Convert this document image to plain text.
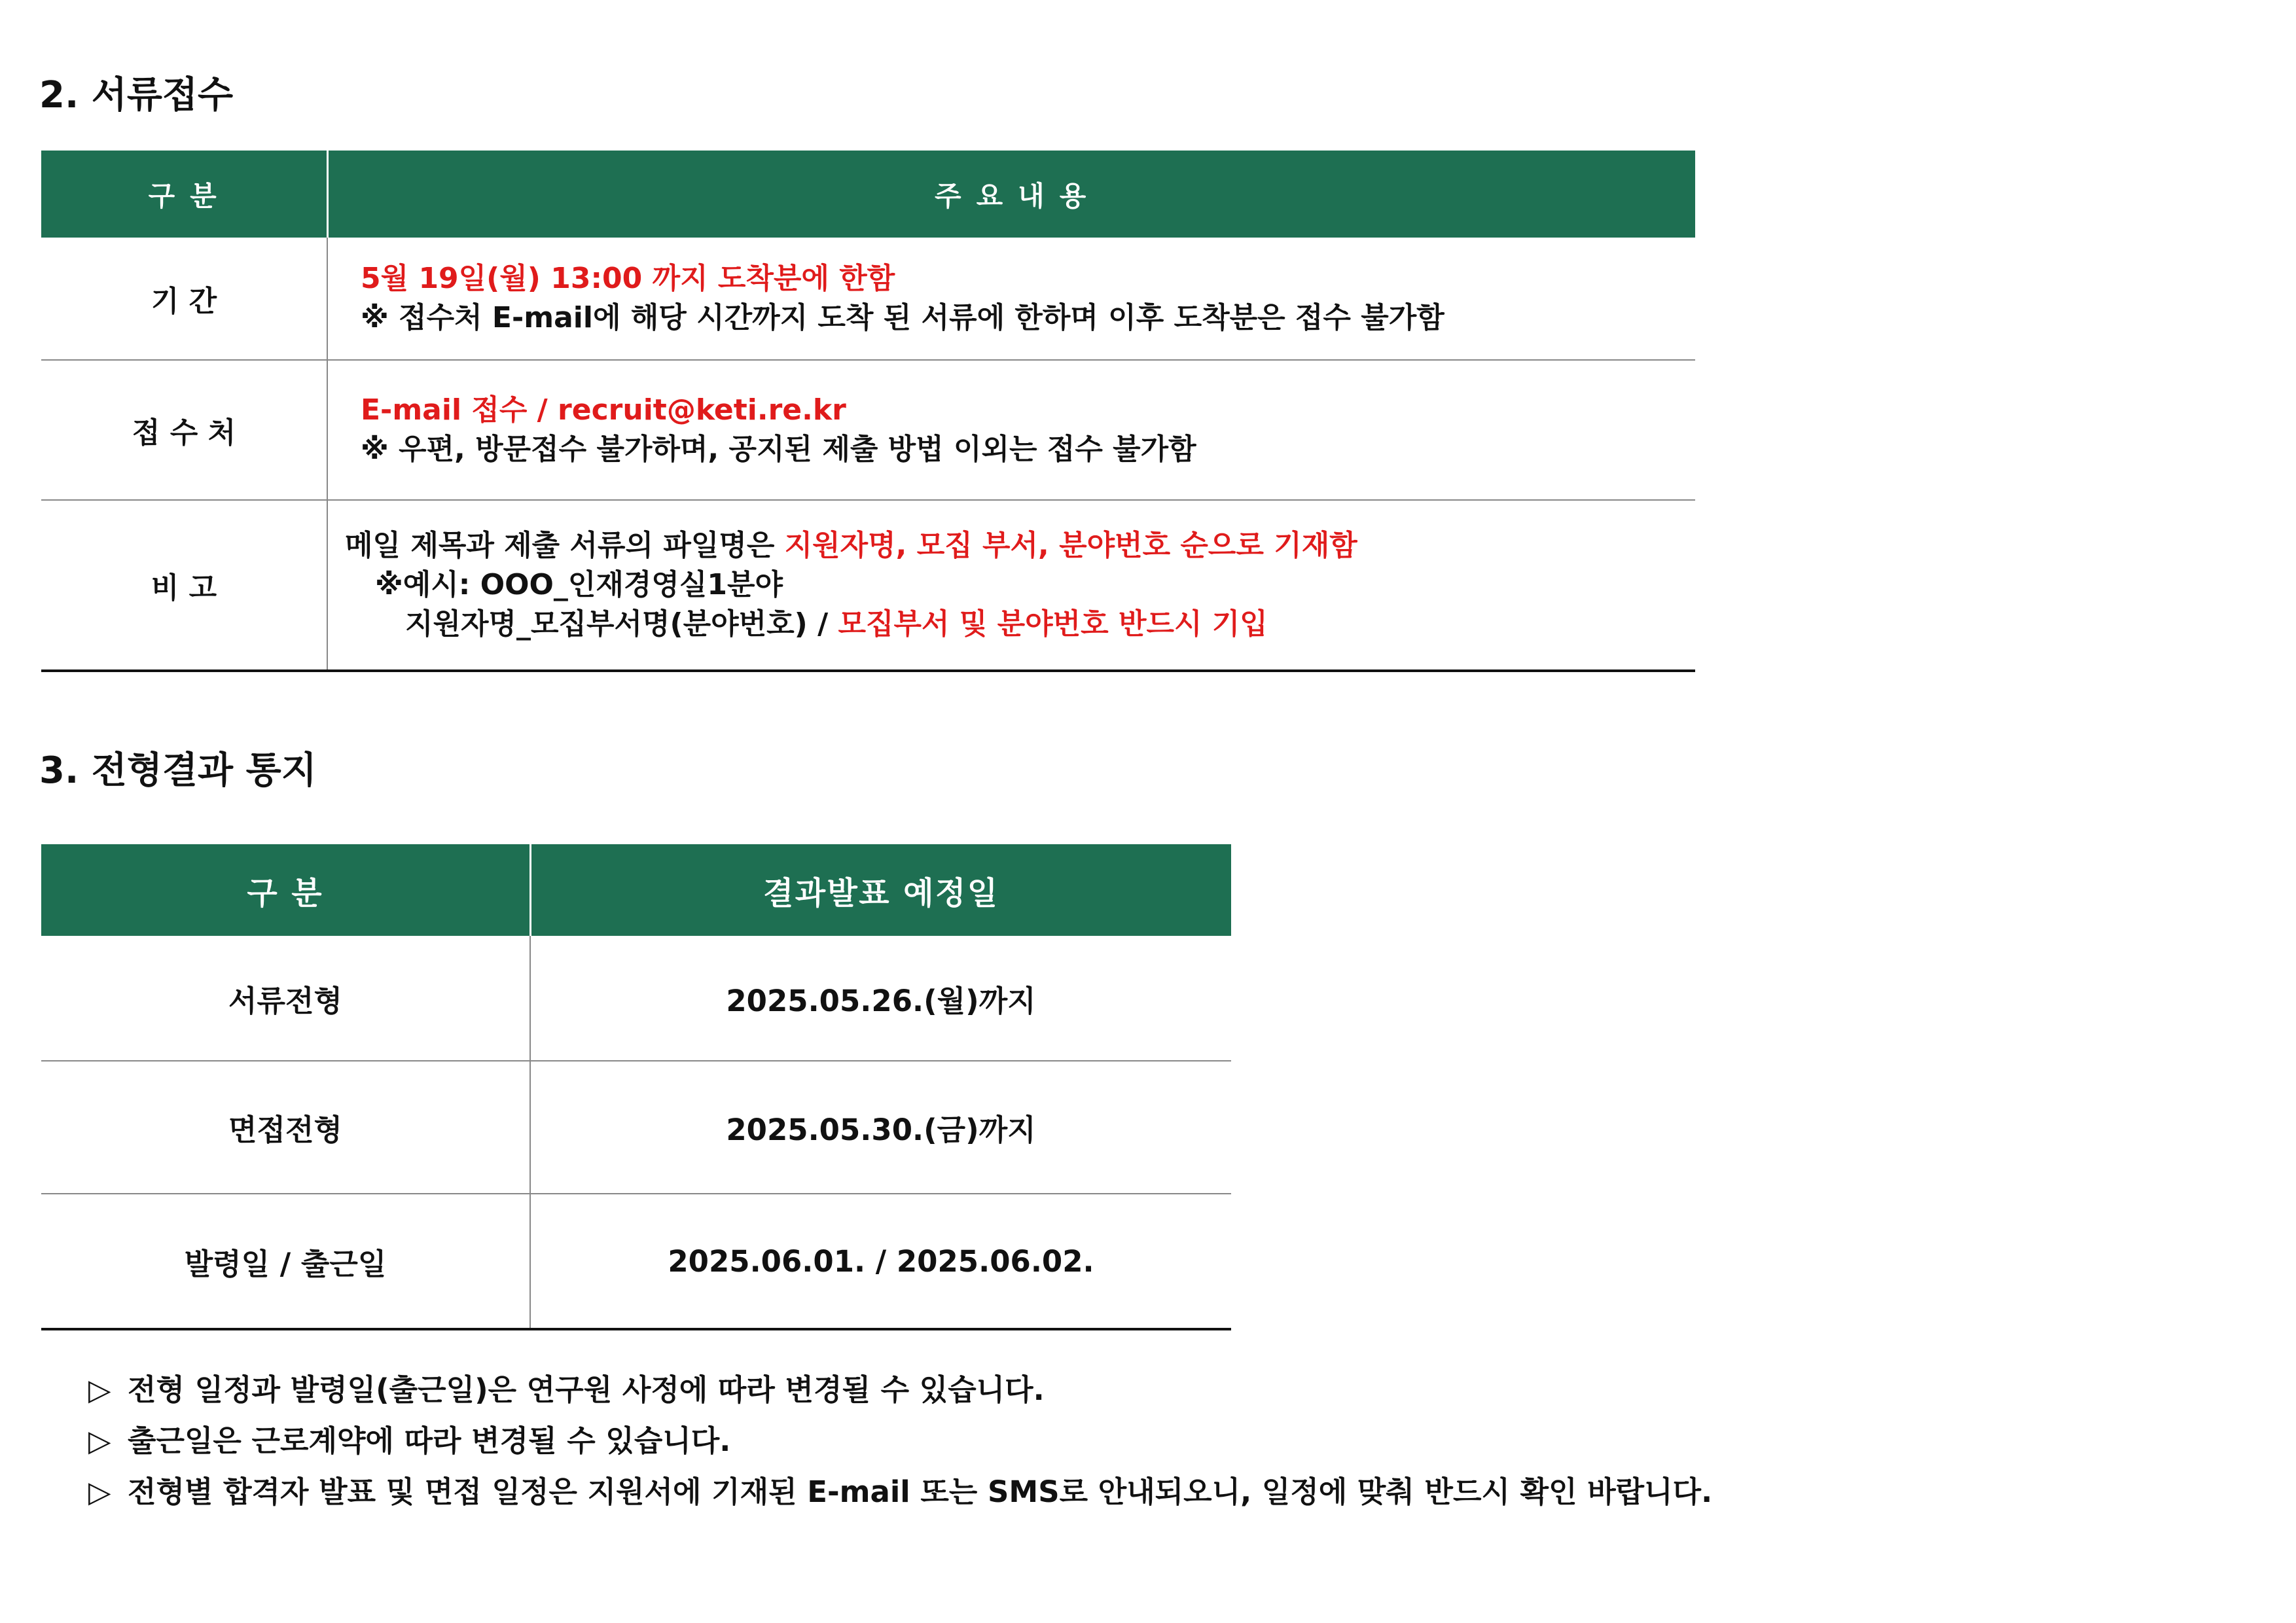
2. 서류접수
구 분	주 요 내 용
기 간	5월 19일(월) 13:00 까지 도착분에 한함
※ 접수처 E-mail에 해당 시간까지 도착 된 서류에 한하며 이후 도착분은 접수 불가함

접 수 처	E-mail 접수 / recruit@keti.re.kr
※ 우편, 방문접수 불가하며, 공지된 제출 방법 이외는 접수 불가함

비 고	메일 제목과 제출 서류의 파일명은 지원자명, 모집 부서, 분야번호 순으로 기재함
※예시: OOO_인재경영실1분야
지원자명_모집부서명(분야번호) / 모집부서 및 분야번호 반드시 기입
3. 전형결과 통지
구 분	결과발표 예정일
서류전형	2025.05.26.(월)까지
면접전형	2025.05.30.(금)까지
발령일 / 출근일	2025.06.01. / 2025.06.02.
▷ 전형 일정과 발령일(출근일)은 연구원 사정에 따라 변경될 수 있습니다.
▷ 출근일은 근로계약에 따라 변경될 수 있습니다.
▷ 전형별 합격자 발표 및 면접 일정은 지원서에 기재된 E-mail 또는 SMS로 안내되오니, 일정에 맞춰 반드시 확인 바랍니다.
